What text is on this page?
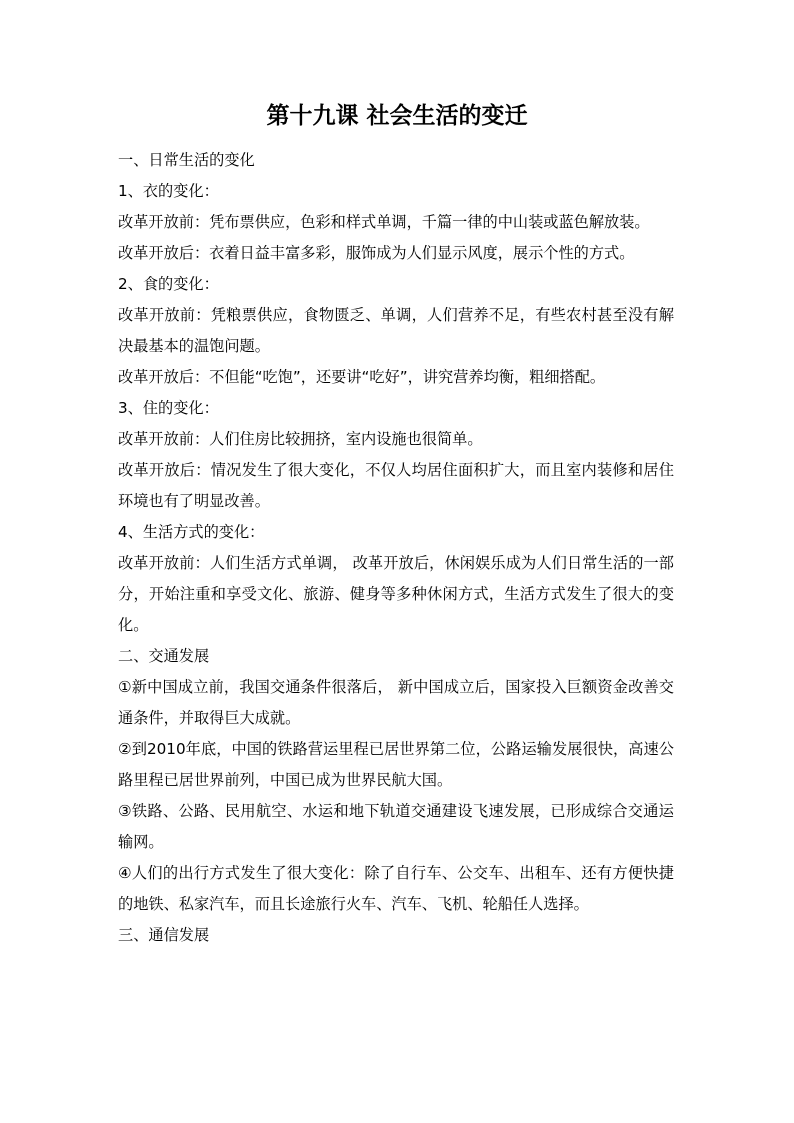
第十九课 社会生活的变迁

一、日常生活的变化

1、衣的变化：

改革开放前：凭布票供应，色彩和样式单调，千篇一律的中山装或蓝色解放装。

改革开放后：衣着日益丰富多彩，服饰成为人们显示风度，展示个性的方式。

2、食的变化：

改革开放前：凭粮票供应，食物匮乏、单调，人们营养不足，有些农村甚至没有解决最基本的温饱问题。

改革开放后：不但能“吃饱”，还要讲“吃好”，讲究营养均衡，粗细搭配。

3、住的变化：

改革开放前：人们住房比较拥挤，室内设施也很简单。

改革开放后：情况发生了很大变化，不仅人均居住面积扩大，而且室内装修和居住环境也有了明显改善。

4、生活方式的变化：

改革开放前：人们生活方式单调， 改革开放后，休闲娱乐成为人们日常生活的一部分，开始注重和享受文化、旅游、健身等多种休闲方式，生活方式发生了很大的变化。

二、交通发展

①新中国成立前，我国交通条件很落后， 新中国成立后，国家投入巨额资金改善交通条件，并取得巨大成就。

②到2010年底，中国的铁路营运里程已居世界第二位，公路运输发展很快，高速公路里程已居世界前列，中国已成为世界民航大国。

③铁路、公路、民用航空、水运和地下轨道交通建设飞速发展，已形成综合交通运输网。

④人们的出行方式发生了很大变化：除了自行车、公交车、出租车、还有方便快捷的地铁、私家汽车，而且长途旅行火车、汽车、飞机、轮船任人选择。

三、通信发展
